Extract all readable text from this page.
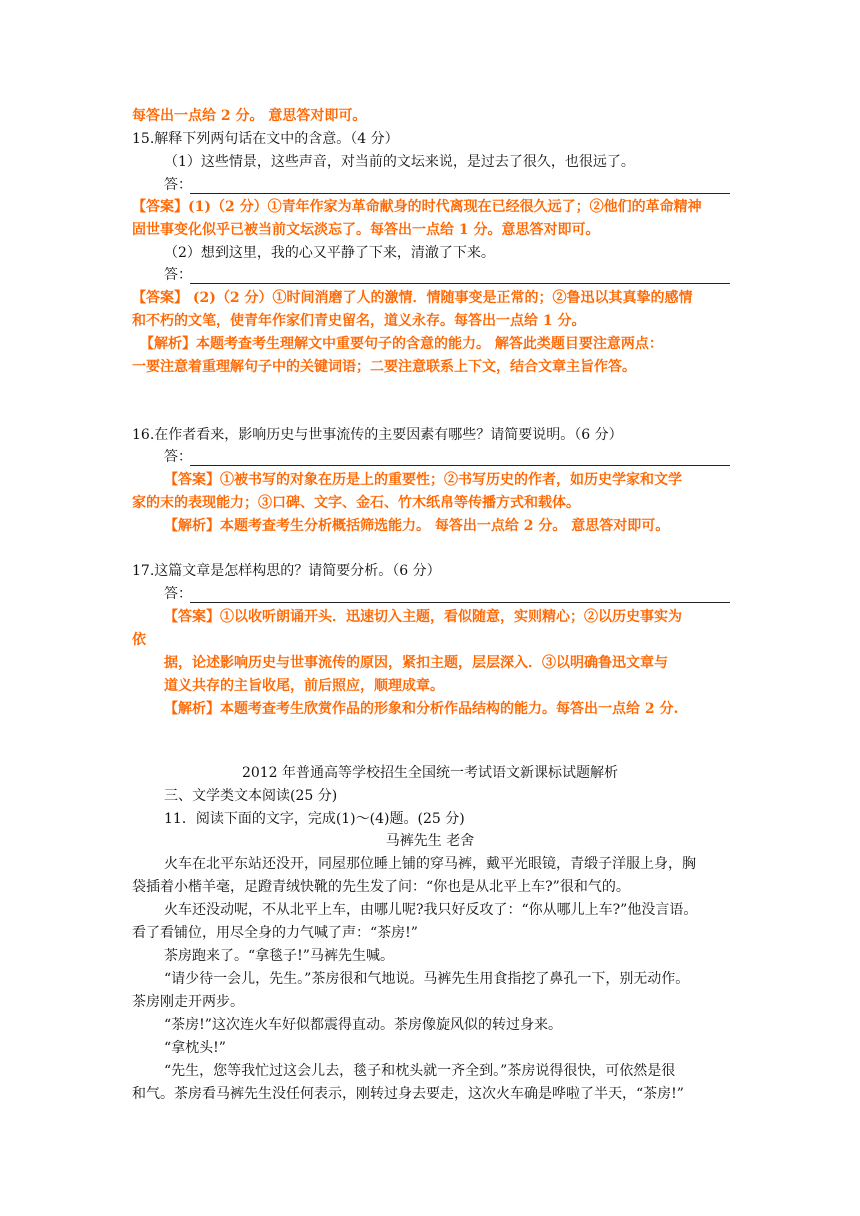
每答出一点给 2 分。 意思答对即可。
15.解释下列两句话在文中的含意。（4 分）
（1）这些情景，这些声音，对当前的文坛来说，是过去了很久，也很远了。
答：
【答案】(1)（2 分）①青年作家为革命献身的时代离现在已经很久远了；②他们的革命精神
固世事变化似乎已被当前文坛淡忘了。每答出一点给 1 分。意思答对即可。
（2）想到这里，我的心又平静了下来，清澈了下来。
答：
【答案】 (2)（2 分）①时间消磨了人的激情．情随事变是正常的；②鲁迅以其真挚的感情
和不朽的文笔，使青年作家们青史留名，道义永存。每答出一点给 1 分。
【解析】本题考查考生理解文中重要句子的含意的能力。 解答此类题目要注意两点：
一要注意着重理解句子中的关键词语；二要注意联系上下文，结合文章主旨作答。
16.在作者看来，影响历史与世事流传的主要因素有哪些？请简要说明。（6 分）
答：
【答案】①被书写的对象在历是上的重要性；②书写历史的作者，如历史学家和文学
家的末的表现能力；③口碑、文字、金石、竹木纸帛等传播方式和载体。
【解析】本题考查考生分析概括筛选能力。 每答出一点给 2 分。 意思答对即可。
17.这篇文章是怎样构思的？请简要分析。（6 分）
答：
【答案】①以收听朗诵开头．迅速切入主题，看似随意，实则精心；②以历史事实为
依
据，论述影响历史与世事流传的原因，紧扣主题，层层深入．③以明确鲁迅文章与
道义共存的主旨收尾，前后照应，顺理成章。
【解析】本题考查考生欣赏作品的形象和分析作品结构的能力。每答出一点给 2 分.
2012 年普通高等学校招生全国统一考试语文新课标试题解析
三、文学类文本阅读(25 分)
11．阅读下面的文字，完成(1)～(4)题。(25 分)
马裤先生 老舍
火车在北平东站还没开，同屋那位睡上铺的穿马裤，戴平光眼镜，青缎子洋服上身，胸
袋插着小楷羊毫，足蹬青绒快靴的先生发了问：“你也是从北平上车?”很和气的。
火车还没动呢，不从北平上车，由哪儿呢?我只好反攻了：“你从哪儿上车?”他没言语。
看了看铺位，用尽全身的力气喊了声：“茶房!”
茶房跑来了。“拿毯子!”马裤先生喊。
“请少待一会儿，先生。”茶房很和气地说。马裤先生用食指挖了鼻孔一下，别无动作。
茶房刚走开两步。
“茶房!”这次连火车好似都震得直动。茶房像旋风似的转过身来。
“拿枕头!”
“先生，您等我忙过这会儿去，毯子和枕头就一齐全到。”茶房说得很快，可依然是很
和气。茶房看马裤先生没任何表示，刚转过身去要走，这次火车确是哗啦了半天，“茶房!”
